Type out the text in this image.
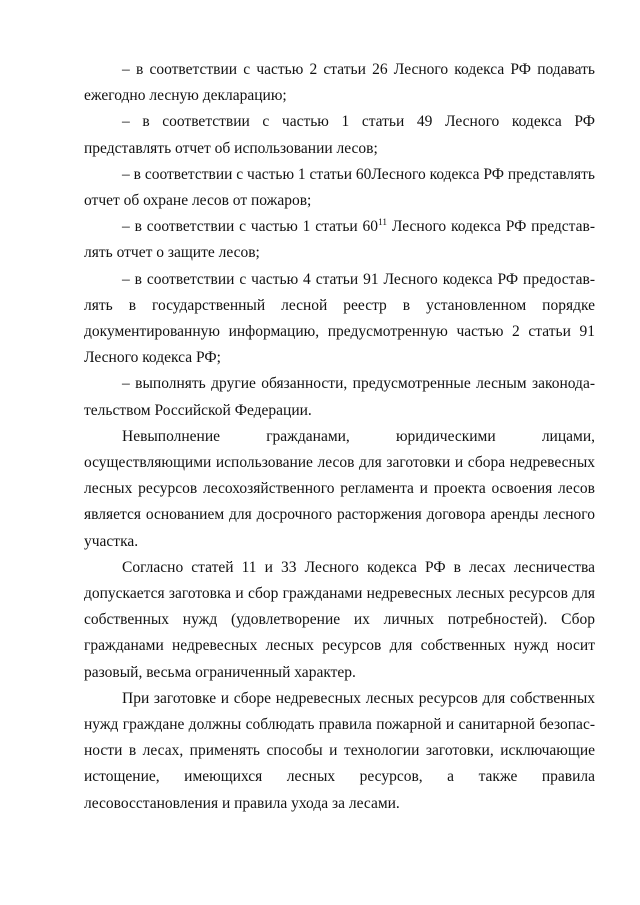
– в соответствии с частью 2 статьи 26 Лесного кодекса РФ подавать ежегодно лесную декларацию;

– в соответствии с частью 1 статьи 49 Лесного кодекса РФ представлять отчет об использовании лесов;

– в соответствии с частью 1 статьи 60Лесного кодекса РФ представлять отчет об охране лесов от пожаров;

– в соответствии с частью 1 статьи $60^{11}$ Лесного кодекса РФ представлять отчет о защите лесов;

– в соответствии с частью 4 статьи 91 Лесного кодекса РФ предоставлять в государственный лесной реестр в установленном порядке документированную информацию, предусмотренную частью 2 статьи 91 Лесного кодекса РФ;

– выполнять другие обязанности, предусмотренные лесным законодательством Российской Федерации.

Невыполнение гражданами, юридическими лицами, осуществляющими использование лесов для заготовки и сбора недревесных лесных ресурсов лесохозяйственного регламента и проекта освоения лесов является основанием для досрочного расторжения договора аренды лесного участка.

Согласно статей 11 и 33 Лесного кодекса РФ в лесах лесничества допускается заготовка и сбор гражданами недревесных лесных ресурсов для собственных нужд (удовлетворение их личных потребностей). Сбор гражданами недревесных лесных ресурсов для собственных нужд носит разовый, весьма ограниченный характер.

При заготовке и сборе недревесных лесных ресурсов для собственных нужд граждане должны соблюдать правила пожарной и санитарной безопасности в лесах, применять способы и технологии заготовки, исключающие истощение, имеющихся лесных ресурсов, а также правила лесовосстановления и правила ухода за лесами.
